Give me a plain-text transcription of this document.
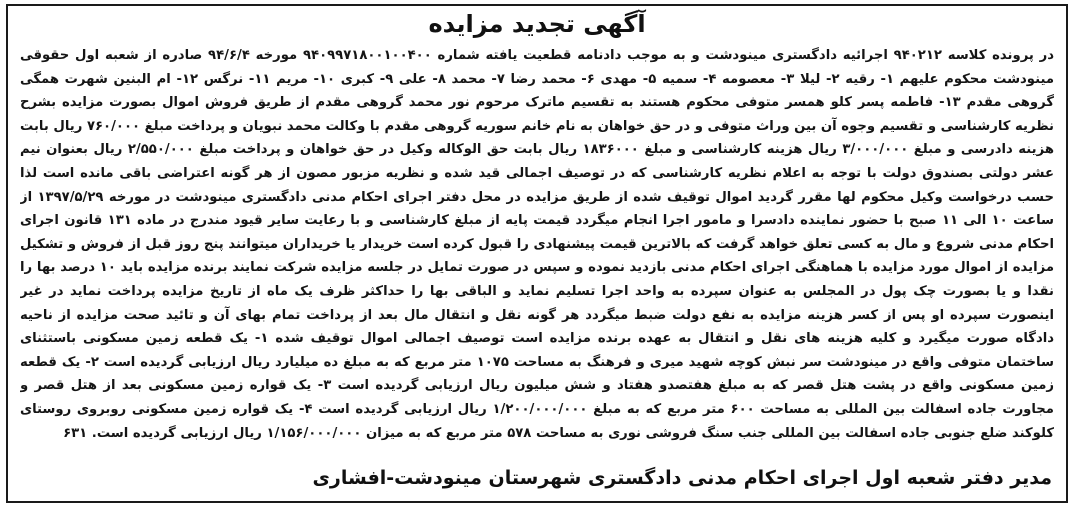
آگهی تجدید مزایده
در پرونده کلاسه ۹۴۰۲۱۲ اجرائیه دادگستری مینودشت و به موجب دادنامه قطعیت یافته شماره ۹۴۰۹۹۷۱۸۰۰۱۰۰۴۰۰ مورخه ۹۴/۶/۴ صادره از شعبه اول حقوقی مینودشت محکوم علیهم ۱- رقیه ۲- لیلا ۳- معصومه ۴- سمیه ۵- مهدی ۶- محمد رضا ۷- محمد ۸- علی ۹- کبری ۱۰- مریم ۱۱- نرگس ۱۲- ام البنین شهرت همگی گروهی مقدم ۱۳- فاطمه پسر کلو همسر متوفی محکوم هستند به تقسیم ماترک مرحوم نور محمد گروهی مقدم از طریق فروش اموال بصورت مزایده بشرح نظریه کارشناسی و تقسیم وجوه آن بین وراث متوفی و در حق خواهان به نام خانم سوریه گروهی مقدم با وکالت محمد نبویان و پرداخت مبلغ ۷۶۰/۰۰۰ ریال بابت هزینه دادرسی و مبلغ ۳/۰۰۰/۰۰۰ ریال هزینه کارشناسی و مبلغ ۱۸۳۶۰۰۰ ریال بابت حق الوکاله وکیل در حق خواهان و پرداخت مبلغ ۲/۵۵۰/۰۰۰ ریال بعنوان نیم عشر دولتی بصندوق دولت با توجه به اعلام نظریه کارشناسی که در توصیف اجمالی قید شده و نظریه مزبور مصون از هر گونه اعتراضی باقی مانده است لذا حسب درخواست وکیل محکوم لها مقرر گردید اموال توقیف شده از طریق مزایده در محل دفتر اجرای احکام مدنی دادگستری مینودشت در مورخه ۱۳۹۷/۵/۲۹ از ساعت ۱۰ الی ۱۱ صبح با حضور نماینده دادسرا و مامور اجرا انجام میگردد قیمت پایه از مبلغ کارشناسی و با رعایت سایر قیود مندرج در ماده ۱۳۱ قانون اجرای احکام مدنی شروع و مال به کسی تعلق خواهد گرفت که بالاترین قیمت پیشنهادی را قبول کرده است خریدار یا خریداران میتوانند پنج روز قبل از فروش و تشکیل مزایده از اموال مورد مزایده با هماهنگی اجرای احکام مدنی بازدید نموده و سپس در صورت تمایل در جلسه مزایده شرکت نمایند برنده مزایده باید ۱۰ درصد بها را نقدا و یا بصورت چک پول در المجلس به عنوان سپرده به واحد اجرا تسلیم نماید و الباقی بها را حداکثر ظرف یک ماه از تاریخ مزایده پرداخت نماید در غیر اینصورت سپرده او پس از کسر هزینه مزایده به نفع دولت ضبط میگردد هر گونه نقل و انتقال مال بعد از پرداخت تمام بهای آن و تائید صحت مزایده از ناحیه دادگاه صورت میگیرد و کلیه هزینه های نقل و انتقال به عهده برنده مزایده است توصیف اجمالی اموال توقیف شده ۱- یک قطعه زمین مسکونی باستثنای ساختمان متوفی واقع در مینودشت سر نبش کوچه شهید میری و فرهنگ به مساحت ۱۰۷۵ متر مربع که به مبلغ ده میلیارد ریال ارزیابی گردیده است ۲- یک قطعه زمین مسکونی واقع در پشت هتل قصر که به مبلغ هفتصدو هفتاد و شش میلیون ریال ارزیابی گردیده است ۳- یک قواره زمین مسکونی بعد از هتل قصر و مجاورت جاده اسفالت بین المللی به مساحت ۶۰۰ متر مربع که به مبلغ ۱/۲۰۰/۰۰۰/۰۰۰ ریال ارزیابی گردیده است ۴- یک قواره زمین مسکونی روبروی روستای کلوکند ضلع جنوبی جاده اسفالت بین المللی جنب سنگ فروشی نوری به مساحت ۵۷۸ متر مربع که به میزان ۱/۱۵۶/۰۰۰/۰۰۰ ریال ارزیابی گردیده است. ۶۳۱
مدیر دفتر شعبه اول اجرای احکام مدنی دادگستری شهرستان مینودشت-افشاری
